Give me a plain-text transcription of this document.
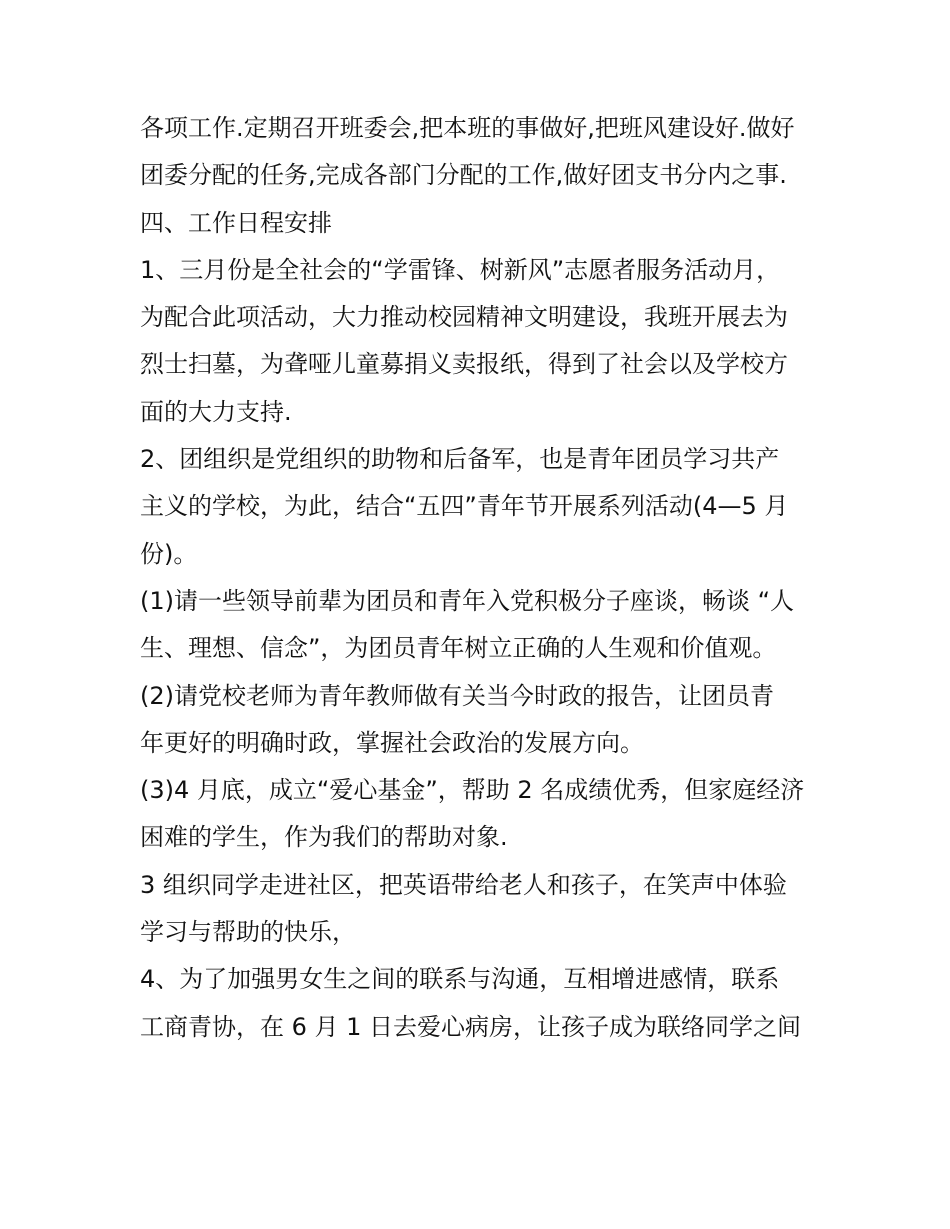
各项工作.定期召开班委会,把本班的事做好,把班风建设好.做好
团委分配的任务,完成各部门分配的工作,做好团支书分内之事.
四、工作日程安排
1、三月份是全社会的“学雷锋、树新风”志愿者服务活动月，
为配合此项活动，大力推动校园精神文明建设，我班开展去为
烈士扫墓，为聋哑儿童募捐义卖报纸，得到了社会以及学校方
面的大力支持.
2、团组织是党组织的助物和后备军，也是青年团员学习共产
主义的学校，为此，结合“五四”青年节开展系列活动(4—5 月
份)。
(1)请一些领导前辈为团员和青年入党积极分子座谈，畅谈 “人
生、理想、信念”，为团员青年树立正确的人生观和价值观。
(2)请党校老师为青年教师做有关当今时政的报告，让团员青
年更好的明确时政，掌握社会政治的发展方向。
(3)4 月底，成立“爱心基金”，帮助 2 名成绩优秀，但家庭经济
困难的学生，作为我们的帮助对象.
3 组织同学走进社区，把英语带给老人和孩子，在笑声中体验
学习与帮助的快乐，
4、为了加强男女生之间的联系与沟通，互相增进感情，联系
工商青协，在 6 月 1 日去爱心病房，让孩子成为联络同学之间
